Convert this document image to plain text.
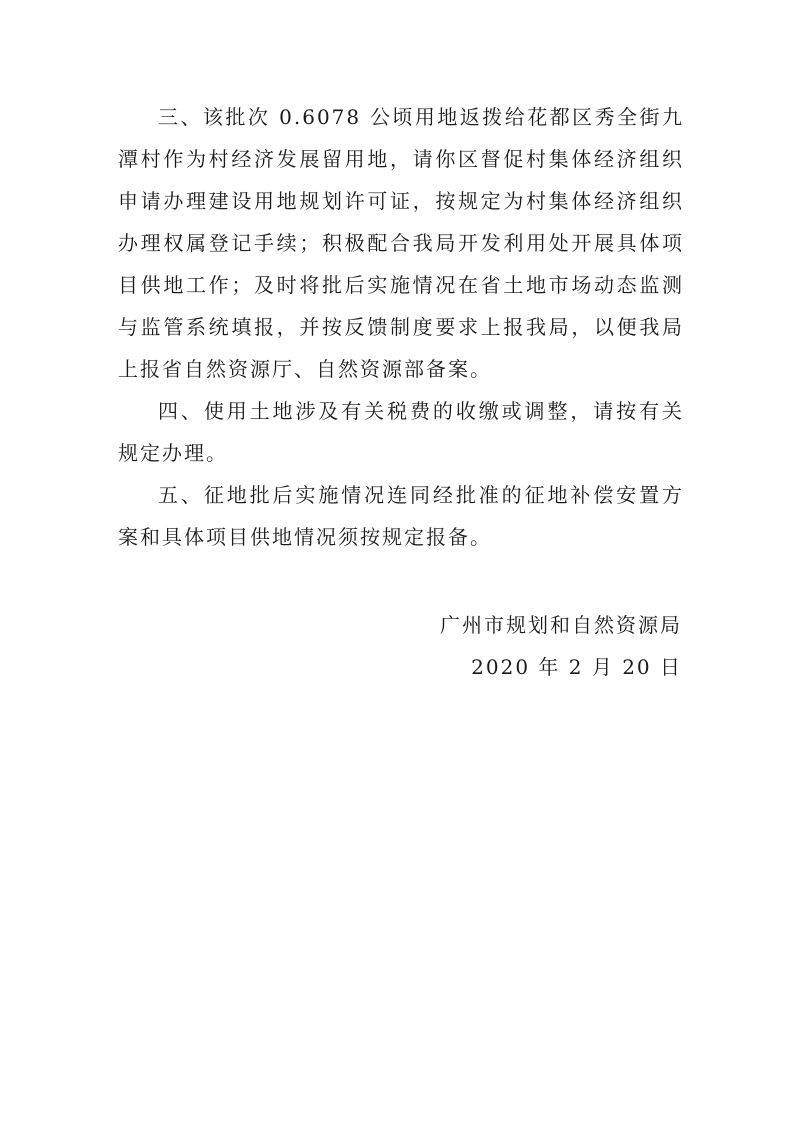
三、该批次 0.6078 公顷用地返拨给花都区秀全街九潭村作为村经济发展留用地，请你区督促村集体经济组织申请办理建设用地规划许可证，按规定为村集体经济组织办理权属登记手续；积极配合我局开发利用处开展具体项目供地工作；及时将批后实施情况在省土地市场动态监测与监管系统填报，并按反馈制度要求上报我局，以便我局上报省自然资源厅、自然资源部备案。

四、使用土地涉及有关税费的收缴或调整，请按有关规定办理。

五、征地批后实施情况连同经批准的征地补偿安置方案和具体项目供地情况须按规定报备。

广州市规划和自然资源局

2020 年 2 月 20 日
